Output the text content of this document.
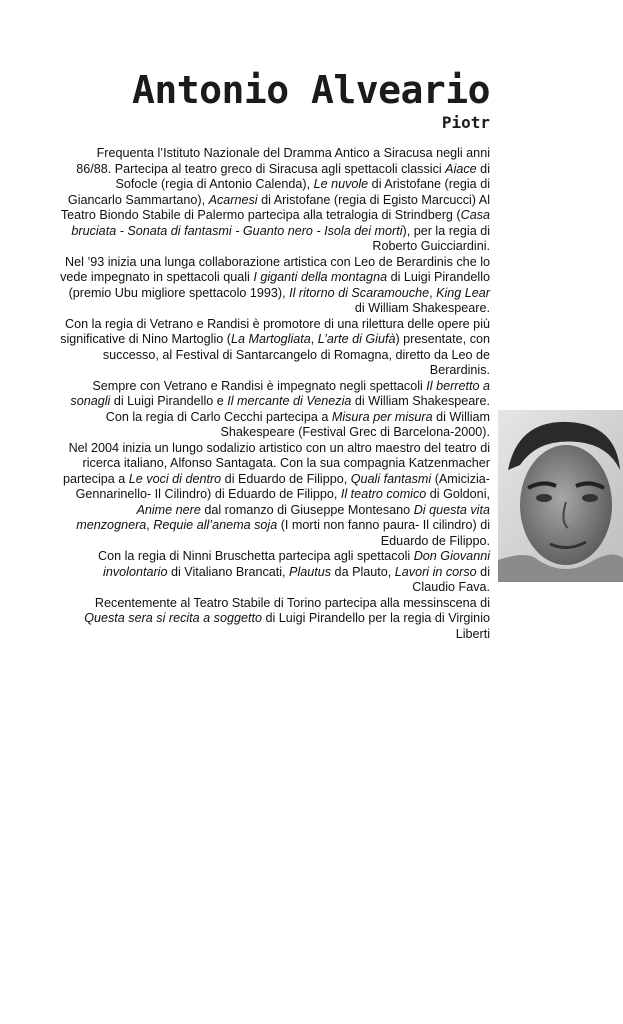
Antonio Alveario
Piotr

Frequenta l’Istituto Nazionale del Dramma Antico a Siracusa negli anni 86/88. Partecipa al teatro greco di Siracusa agli spettacoli classici Aiace di Sofocle (regia di Antonio Calenda), Le nuvole di Aristofane (regia di Giancarlo Sammartano), Acarnesi di Aristofane (regia di Egisto Marcucci) Al Teatro Biondo Stabile di Palermo partecipa alla tetralogia di Strindberg (Casa bruciata - Sonata di fantasmi - Guanto nero - Isola dei morti), per la regia di Roberto Guicciardini.

Nel ’93 inizia una lunga collaborazione artistica con Leo de Berardinis che lo vede impegnato in spettacoli quali I giganti della montagna di Luigi Pirandello (premio Ubu migliore spettacolo 1993), Il ritorno di Scaramouche, King Lear di William Shakespeare.

Con la regia di Vetrano e Randisi è promotore di una rilettura delle opere più significative di Nino Martoglio (La Martogliata, L’arte di Giufà) presentate, con successo, al Festival di Santarcangelo di Romagna, diretto da Leo de Berardinis.

Sempre con Vetrano e Randisi è impegnato negli spettacoli Il berretto a sonagli di Luigi Pirandello e Il mercante di Venezia di William Shakespeare.

Con la regia di Carlo Cecchi partecipa a Misura per misura di William Shakespeare (Festival Grec di Barcelona-2000).

Nel 2004 inizia un lungo sodalizio artistico con un altro maestro del teatro di ricerca italiano, Alfonso Santagata. Con la sua compagnia Katzenmacher partecipa a Le voci di dentro di Eduardo de Filippo, Quali fantasmi (Amicizia- Gennarinello- Il Cilindro) di Eduardo de Filippo, Il teatro comico di Goldoni, Anime nere dal romanzo di Giuseppe Montesano Di questa vita menzognera, Requie all’anema soja (I morti non fanno paura- Il cilindro) di Eduardo de Filippo.

Con la regia di Ninni Bruschetta partecipa agli spettacoli Don Giovanni involontario di Vitaliano Brancati, Plautus da Plauto, Lavori in corso di Claudio Fava.

Recentemente al Teatro Stabile di Torino partecipa alla messinscena di Questa sera si recita a soggetto di Luigi Pirandello per la regia di Virginio Liberti
